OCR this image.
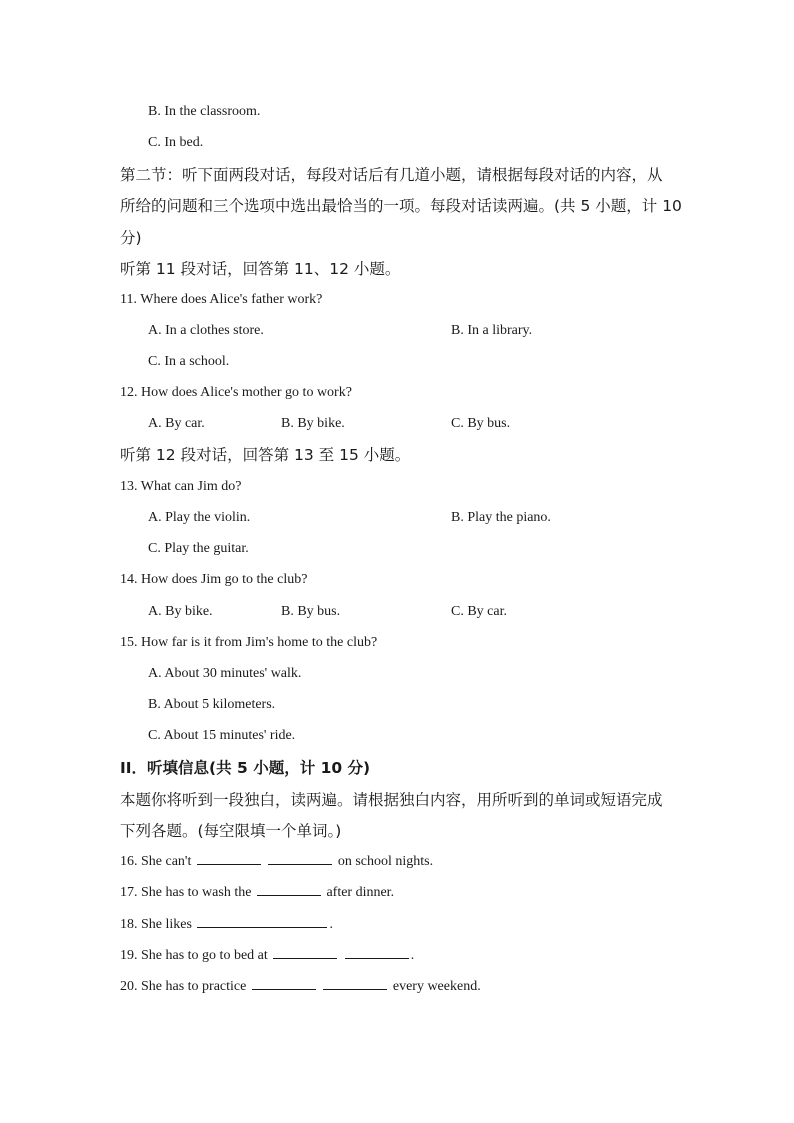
B. In the classroom.
C. In bed.
第二节：听下面两段对话，每段对话后有几道小题，请根据每段对话的内容，从
所给的问题和三个选项中选出最恰当的一项。每段对话读两遍。(共 5 小题，计 10
分)
听第 11 段对话，回答第 11、12 小题。
11. Where does Alice's father work?
A. In a clothes store.	B. In a library.
C. In a school.
12. How does Alice's mother go to work?
A. By car.	B. By bike.	C. By bus.
听第 12 段对话，回答第 13 至 15 小题。
13. What can Jim do?
A. Play the violin.	B. Play the piano.
C. Play the guitar.
14. How does Jim go to the club?
A. By bike.	B. By bus.	C. By car.
15. How far is it from Jim's home to the club?
A. About 30 minutes' walk.
B. About 5 kilometers.
C. About 15 minutes' ride.
II．听填信息(共 5 小题，计 10 分)
本题你将听到一段独白，读两遍。请根据独白内容，用所听到的单词或短语完成
下列各题。(每空限填一个单词。)
16. She can't	on school nights.
17. She has to wash the	after dinner.
18. She likes	.
19. She has to go to bed at	.
20. She has to practice	every weekend.
